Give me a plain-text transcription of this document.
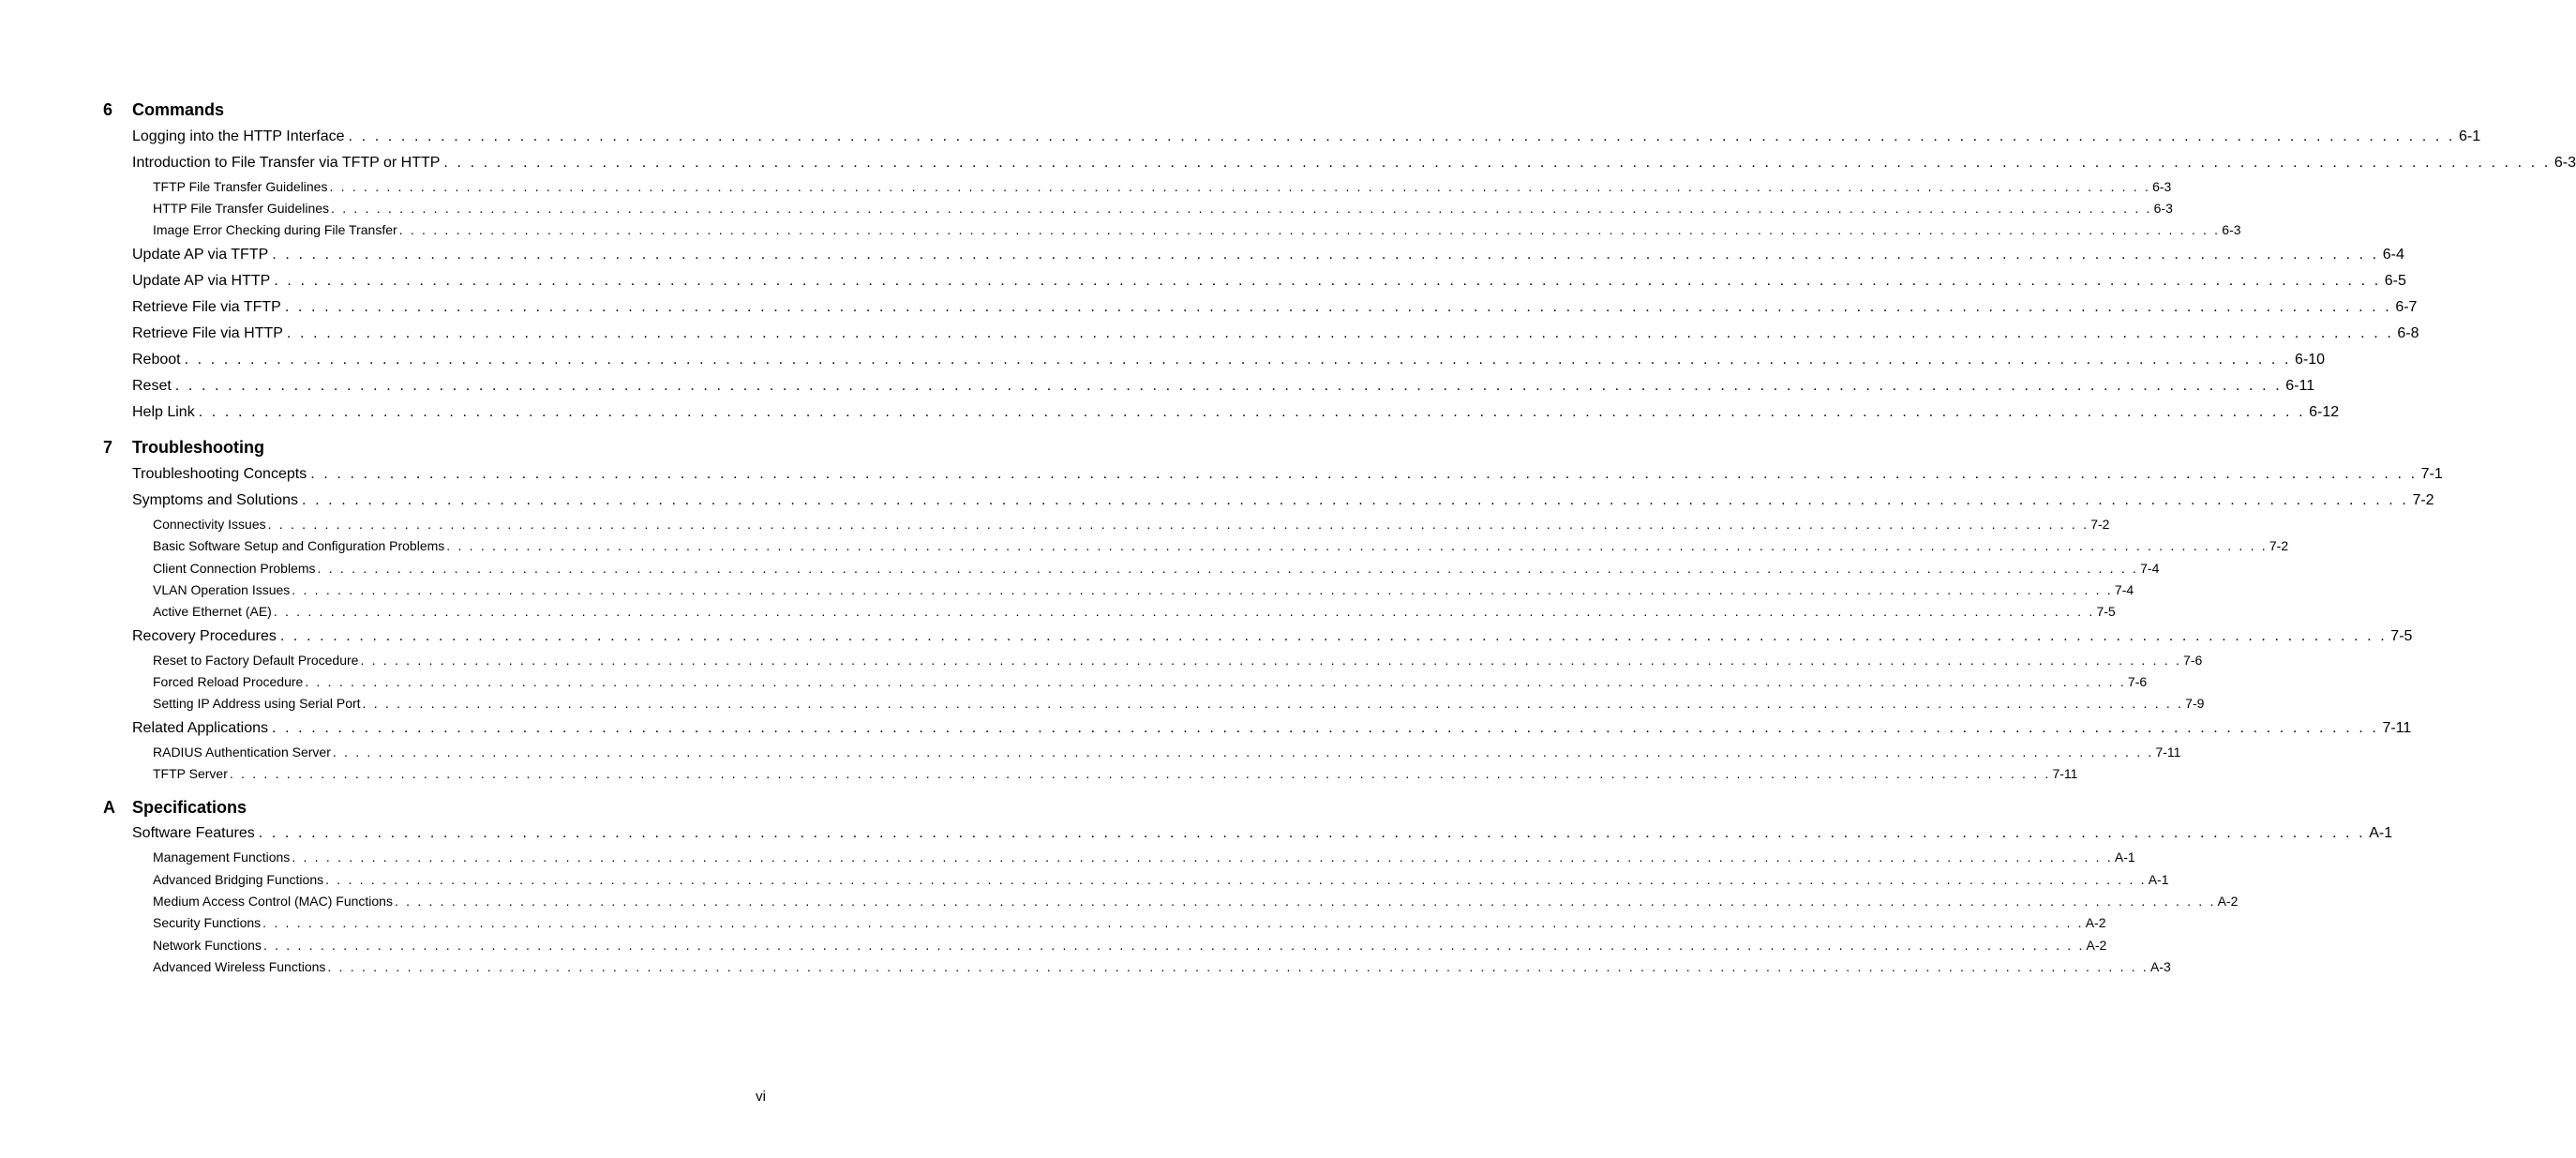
6 Commands
Logging into the HTTP Interface . . . . . . . . . . . . . . . . . . . . . . . . . . . . . . . . . . . . . . . . . . . . . . . . . . . . . . . . . . . . . . . . . . . . . . . . . . . . . . . . . . . . . . . . . . . . . . . . . . . . . . . . . . . . . . . . . . . . . . . . . . . . . . . . . . . . . . . . . . . . . . . . . . . . . . . . . . . . . . . . 6-1
Introduction to File Transfer via TFTP or HTTP . . . . . . . . . . . . . . . . . . . . . . . . . . . . . . . . . . . . . . . . . . . . . . . . . . . . . . . . . . . . . . . . . . . . . . . . . . . . . . . . . . . . . . . . . . . . . . . . . . . . . . . . . . . . . . . . . . . . . . . . . . . . . . . . . . . . . . . . . . . . . . . . . . . . . . . . . . . . . . . . 6-3
TFTP File Transfer Guidelines . . . . . . . . . . . . . . . . . . . . . . . . . . . . . . . . . . . . . . . . . . . . . . . . . . . . . . . . . . . . . . . . . . . . . . . . . . . . . . . . . . . . . . . . . . . . . . . . . . . . . . . . . . . . . . . . . . . . . . . . . . . . . . . . . . . . . . . . . . . . . . . . . . . . . . . . . . . . . . . . 6-3
HTTP File Transfer Guidelines . . . . . . . . . . . . . . . . . . . . . . . . . . . . . . . . . . . . . . . . . . . . . . . . . . . . . . . . . . . . . . . . . . . . . . . . . . . . . . . . . . . . . . . . . . . . . . . . . . . . . . . . . . . . . . . . . . . . . . . . . . . . . . . . . . . . . . . . . . . . . . . . . . . . . . . . . . . . . . . . 6-3
Image Error Checking during File Transfer . . . . . . . . . . . . . . . . . . . . . . . . . . . . . . . . . . . . . . . . . . . . . . . . . . . . . . . . . . . . . . . . . . . . . . . . . . . . . . . . . . . . . . . . . . . . . . . . . . . . . . . . . . . . . . . . . . . . . . . . . . . . . . . . . . . . . . . . . . . . . . . . . . . . . . . . . . . . . . . . 6-3
Update AP via TFTP . . . . . . . . . . . . . . . . . . . . . . . . . . . . . . . . . . . . . . . . . . . . . . . . . . . . . . . . . . . . . . . . . . . . . . . . . . . . . . . . . . . . . . . . . . . . . . . . . . . . . . . . . . . . . . . . . . . . . . . . . . . . . . . . . . . . . . . . . . . . . . . . . . . . . . . . . . . . . . . . 6-4
Update AP via HTTP . . . . . . . . . . . . . . . . . . . . . . . . . . . . . . . . . . . . . . . . . . . . . . . . . . . . . . . . . . . . . . . . . . . . . . . . . . . . . . . . . . . . . . . . . . . . . . . . . . . . . . . . . . . . . . . . . . . . . . . . . . . . . . . . . . . . . . . . . . . . . . . . . . . . . . . . . . . . . . . . 6-5
Retrieve File via TFTP . . . . . . . . . . . . . . . . . . . . . . . . . . . . . . . . . . . . . . . . . . . . . . . . . . . . . . . . . . . . . . . . . . . . . . . . . . . . . . . . . . . . . . . . . . . . . . . . . . . . . . . . . . . . . . . . . . . . . . . . . . . . . . . . . . . . . . . . . . . . . . . . . . . . . . . . . . . . . . . . 6-7
Retrieve File via HTTP . . . . . . . . . . . . . . . . . . . . . . . . . . . . . . . . . . . . . . . . . . . . . . . . . . . . . . . . . . . . . . . . . . . . . . . . . . . . . . . . . . . . . . . . . . . . . . . . . . . . . . . . . . . . . . . . . . . . . . . . . . . . . . . . . . . . . . . . . . . . . . . . . . . . . . . . . . . . . . . . 6-8
Reboot . . . . . . . . . . . . . . . . . . . . . . . . . . . . . . . . . . . . . . . . . . . . . . . . . . . . . . . . . . . . . . . . . . . . . . . . . . . . . . . . . . . . . . . . . . . . . . . . . . . . . . . . . . . . . . . . . . . . . . . . . . . . . . . . . . . . . . . . . . . . . . . . . . . . . . . . . . . . . . . . 6-10
Reset . . . . . . . . . . . . . . . . . . . . . . . . . . . . . . . . . . . . . . . . . . . . . . . . . . . . . . . . . . . . . . . . . . . . . . . . . . . . . . . . . . . . . . . . . . . . . . . . . . . . . . . . . . . . . . . . . . . . . . . . . . . . . . . . . . . . . . . . . . . . . . . . . . . . . . . . . . . . . . . . 6-11
Help Link . . . . . . . . . . . . . . . . . . . . . . . . . . . . . . . . . . . . . . . . . . . . . . . . . . . . . . . . . . . . . . . . . . . . . . . . . . . . . . . . . . . . . . . . . . . . . . . . . . . . . . . . . . . . . . . . . . . . . . . . . . . . . . . . . . . . . . . . . . . . . . . . . . . . . . . . . . . . . . . . 6-12
7 Troubleshooting
Troubleshooting Concepts . . . . . . . . . . . . . . . . . . . . . . . . . . . . . . . . . . . . . . . . . . . . . . . . . . . . . . . . . . . . . . . . . . . . . . . . . . . . . . . . . . . . . . . . . . . . . . . . . . . . . . . . . . . . . . . . . . . . . . . . . . . . . . . . . . . . . . . . . . . . . . . . . . . . . . . . . . . . . . . . 7-1
Symptoms and Solutions . . . . . . . . . . . . . . . . . . . . . . . . . . . . . . . . . . . . . . . . . . . . . . . . . . . . . . . . . . . . . . . . . . . . . . . . . . . . . . . . . . . . . . . . . . . . . . . . . . . . . . . . . . . . . . . . . . . . . . . . . . . . . . . . . . . . . . . . . . . . . . . . . . . . . . . . . . . . . . . . 7-2
Connectivity Issues . . . . . . . . . . . . . . . . . . . . . . . . . . . . . . . . . . . . . . . . . . . . . . . . . . . . . . . . . . . . . . . . . . . . . . . . . . . . . . . . . . . . . . . . . . . . . . . . . . . . . . . . . . . . . . . . . . . . . . . . . . . . . . . . . . . . . . . . . . . . . . . . . . . . . . . . . . . . . . . . 7-2
Basic Software Setup and Configuration Problems . . . . . . . . . . . . . . . . . . . . . . . . . . . . . . . . . . . . . . . . . . . . . . . . . . . . . . . . . . . . . . . . . . . . . . . . . . . . . . . . . . . . . . . . . . . . . . . . . . . . . . . . . . . . . . . . . . . . . . . . . . . . . . . . . . . . . . . . . . . . . . . . . . . . . . . . . . . . . . . . 7-2
Client Connection Problems . . . . . . . . . . . . . . . . . . . . . . . . . . . . . . . . . . . . . . . . . . . . . . . . . . . . . . . . . . . . . . . . . . . . . . . . . . . . . . . . . . . . . . . . . . . . . . . . . . . . . . . . . . . . . . . . . . . . . . . . . . . . . . . . . . . . . . . . . . . . . . . . . . . . . . . . . . . . . . . . 7-4
VLAN Operation Issues . . . . . . . . . . . . . . . . . . . . . . . . . . . . . . . . . . . . . . . . . . . . . . . . . . . . . . . . . . . . . . . . . . . . . . . . . . . . . . . . . . . . . . . . . . . . . . . . . . . . . . . . . . . . . . . . . . . . . . . . . . . . . . . . . . . . . . . . . . . . . . . . . . . . . . . . . . . . . . . . 7-4
Active Ethernet (AE) . . . . . . . . . . . . . . . . . . . . . . . . . . . . . . . . . . . . . . . . . . . . . . . . . . . . . . . . . . . . . . . . . . . . . . . . . . . . . . . . . . . . . . . . . . . . . . . . . . . . . . . . . . . . . . . . . . . . . . . . . . . . . . . . . . . . . . . . . . . . . . . . . . . . . . . . . . . . . . . . 7-5
Recovery Procedures . . . . . . . . . . . . . . . . . . . . . . . . . . . . . . . . . . . . . . . . . . . . . . . . . . . . . . . . . . . . . . . . . . . . . . . . . . . . . . . . . . . . . . . . . . . . . . . . . . . . . . . . . . . . . . . . . . . . . . . . . . . . . . . . . . . . . . . . . . . . . . . . . . . . . . . . . . . . . . . . 7-5
Reset to Factory Default Procedure . . . . . . . . . . . . . . . . . . . . . . . . . . . . . . . . . . . . . . . . . . . . . . . . . . . . . . . . . . . . . . . . . . . . . . . . . . . . . . . . . . . . . . . . . . . . . . . . . . . . . . . . . . . . . . . . . . . . . . . . . . . . . . . . . . . . . . . . . . . . . . . . . . . . . . . . . . . . . . . . 7-6
Forced Reload Procedure . . . . . . . . . . . . . . . . . . . . . . . . . . . . . . . . . . . . . . . . . . . . . . . . . . . . . . . . . . . . . . . . . . . . . . . . . . . . . . . . . . . . . . . . . . . . . . . . . . . . . . . . . . . . . . . . . . . . . . . . . . . . . . . . . . . . . . . . . . . . . . . . . . . . . . . . . . . . . . . . 7-6
Setting IP Address using Serial Port . . . . . . . . . . . . . . . . . . . . . . . . . . . . . . . . . . . . . . . . . . . . . . . . . . . . . . . . . . . . . . . . . . . . . . . . . . . . . . . . . . . . . . . . . . . . . . . . . . . . . . . . . . . . . . . . . . . . . . . . . . . . . . . . . . . . . . . . . . . . . . . . . . . . . . . . . . . . . . . . 7-9
Related Applications . . . . . . . . . . . . . . . . . . . . . . . . . . . . . . . . . . . . . . . . . . . . . . . . . . . . . . . . . . . . . . . . . . . . . . . . . . . . . . . . . . . . . . . . . . . . . . . . . . . . . . . . . . . . . . . . . . . . . . . . . . . . . . . . . . . . . . . . . . . . . . . . . . . . . . . . . . . . . . . . 7-11
RADIUS Authentication Server . . . . . . . . . . . . . . . . . . . . . . . . . . . . . . . . . . . . . . . . . . . . . . . . . . . . . . . . . . . . . . . . . . . . . . . . . . . . . . . . . . . . . . . . . . . . . . . . . . . . . . . . . . . . . . . . . . . . . . . . . . . . . . . . . . . . . . . . . . . . . . . . . . . . . . . . . . . . . . . . 7-11
TFTP Server . . . . . . . . . . . . . . . . . . . . . . . . . . . . . . . . . . . . . . . . . . . . . . . . . . . . . . . . . . . . . . . . . . . . . . . . . . . . . . . . . . . . . . . . . . . . . . . . . . . . . . . . . . . . . . . . . . . . . . . . . . . . . . . . . . . . . . . . . . . . . . . . . . . . . . . . . . . . . . . . 7-11
A Specifications
Software Features . . . . . . . . . . . . . . . . . . . . . . . . . . . . . . . . . . . . . . . . . . . . . . . . . . . . . . . . . . . . . . . . . . . . . . . . . . . . . . . . . . . . . . . . . . . . . . . . . . . . . . . . . . . . . . . . . . . . . . . . . . . . . . . . . . . . . . . . . . . . . . . . . . . . . . . . . . . . . . . . A-1
Management Functions . . . . . . . . . . . . . . . . . . . . . . . . . . . . . . . . . . . . . . . . . . . . . . . . . . . . . . . . . . . . . . . . . . . . . . . . . . . . . . . . . . . . . . . . . . . . . . . . . . . . . . . . . . . . . . . . . . . . . . . . . . . . . . . . . . . . . . . . . . . . . . . . . . . . . . . . . . . . . . . . A-1
Advanced Bridging Functions . . . . . . . . . . . . . . . . . . . . . . . . . . . . . . . . . . . . . . . . . . . . . . . . . . . . . . . . . . . . . . . . . . . . . . . . . . . . . . . . . . . . . . . . . . . . . . . . . . . . . . . . . . . . . . . . . . . . . . . . . . . . . . . . . . . . . . . . . . . . . . . . . . . . . . . . . . . . . . . . A-1
Medium Access Control (MAC) Functions . . . . . . . . . . . . . . . . . . . . . . . . . . . . . . . . . . . . . . . . . . . . . . . . . . . . . . . . . . . . . . . . . . . . . . . . . . . . . . . . . . . . . . . . . . . . . . . . . . . . . . . . . . . . . . . . . . . . . . . . . . . . . . . . . . . . . . . . . . . . . . . . . . . . . . . . . . . . . . . . A-2
Security Functions . . . . . . . . . . . . . . . . . . . . . . . . . . . . . . . . . . . . . . . . . . . . . . . . . . . . . . . . . . . . . . . . . . . . . . . . . . . . . . . . . . . . . . . . . . . . . . . . . . . . . . . . . . . . . . . . . . . . . . . . . . . . . . . . . . . . . . . . . . . . . . . . . . . . . . . . . . . . . . . . A-2
Network Functions . . . . . . . . . . . . . . . . . . . . . . . . . . . . . . . . . . . . . . . . . . . . . . . . . . . . . . . . . . . . . . . . . . . . . . . . . . . . . . . . . . . . . . . . . . . . . . . . . . . . . . . . . . . . . . . . . . . . . . . . . . . . . . . . . . . . . . . . . . . . . . . . . . . . . . . . . . . . . . . . A-2
Advanced Wireless Functions . . . . . . . . . . . . . . . . . . . . . . . . . . . . . . . . . . . . . . . . . . . . . . . . . . . . . . . . . . . . . . . . . . . . . . . . . . . . . . . . . . . . . . . . . . . . . . . . . . . . . . . . . . . . . . . . . . . . . . . . . . . . . . . . . . . . . . . . . . . . . . . . . . . . . . . . . . . . . . . . A-3
vi
